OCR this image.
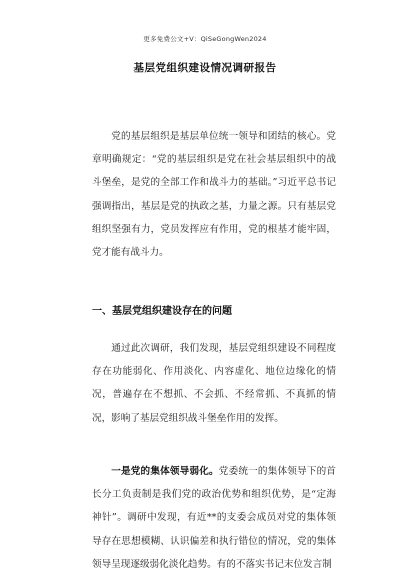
更多免费公文+V：QiSeGongWen2024
基层党组织建设情况调研报告
党的基层组织是基层单位统一领导和团结的核心。党章明确规定：“党的基层组织是党在社会基层组织中的战斗堡垒，是党的全部工作和战斗力的基础。”习近平总书记强调指出，基层是党的执政之基，力量之源。只有基层党组织坚强有力，党员发挥应有作用，党的根基才能牢固，党才能有战斗力。
一、基层党组织建设存在的问题
通过此次调研，我们发现，基层党组织建设不同程度存在功能弱化、作用淡化、内容虚化、地位边缘化的情况，普遍存在不想抓、不会抓、不经常抓、不真抓的情况，影响了基层党组织战斗堡垒作用的发挥。
一是党的集体领导弱化。党委统一的集体领导下的首长分工负责制是我们党的政治优势和组织优势，是“定海神针”。调研中发现，有近**的支委会成员对党的集体领导存在思想模糊、认识偏差和执行错位的情况，党的集体领导呈现逐级弱化淡化趋势。有的不落实书记末位发言制
